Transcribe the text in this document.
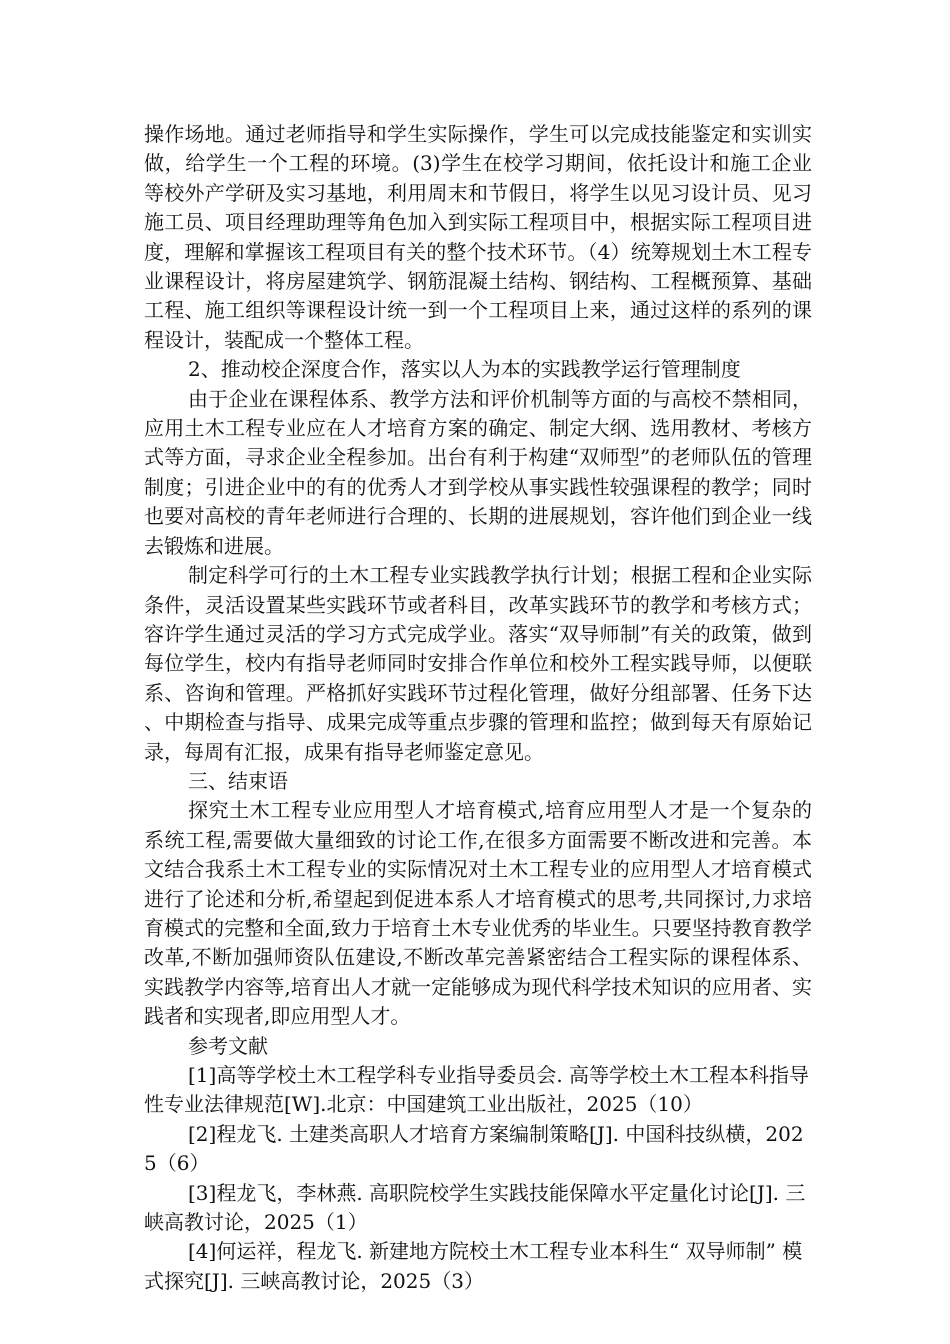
操作场地。通过老师指导和学生实际操作，学生可以完成技能鉴定和实训实做，给学生一个工程的环境。(3)学生在校学习期间，依托设计和施工企业等校外产学研及实习基地，利用周末和节假日，将学生以见习设计员、见习施工员、项目经理助理等角色加入到实际工程项目中，根据实际工程项目进度，理解和掌握该工程项目有关的整个技术环节。（4）统筹规划土木工程专业课程设计，将房屋建筑学、钢筋混凝土结构、钢结构、工程概预算、基础工程、施工组织等课程设计统一到一个工程项目上来，通过这样的系列的课程设计，装配成一个整体工程。

2、推动校企深度合作，落实以人为本的实践教学运行管理制度

由于企业在课程体系、教学方法和评价机制等方面的与高校不禁相同，应用土木工程专业应在人才培育方案的确定、制定大纲、选用教材、考核方式等方面，寻求企业全程参加。出台有利于构建“双师型”的老师队伍的管理制度；引进企业中的有的优秀人才到学校从事实践性较强课程的教学；同时也要对高校的青年老师进行合理的、长期的进展规划，容许他们到企业一线去锻炼和进展。

制定科学可行的土木工程专业实践教学执行计划；根据工程和企业实际条件，灵活设置某些实践环节或者科目，改革实践环节的教学和考核方式；容许学生通过灵活的学习方式完成学业。落实“双导师制”有关的政策，做到每位学生，校内有指导老师同时安排合作单位和校外工程实践导师，以便联系、咨询和管理。严格抓好实践环节过程化管理，做好分组部署、任务下达、中期检查与指导、成果完成等重点步骤的管理和监控；做到每天有原始记录，每周有汇报，成果有指导老师鉴定意见。

三、结束语

探究土木工程专业应用型人才培育模式,培育应用型人才是一个复杂的系统工程,需要做大量细致的讨论工作,在很多方面需要不断改进和完善。本文结合我系土木工程专业的实际情况对土木工程专业的应用型人才培育模式进行了论述和分析,希望起到促进本系人才培育模式的思考,共同探讨,力求培育模式的完整和全面,致力于培育土木专业优秀的毕业生。只要坚持教育教学改革,不断加强师资队伍建设,不断改革完善紧密结合工程实际的课程体系、实践教学内容等,培育出人才就一定能够成为现代科学技术知识的应用者、实践者和实现者,即应用型人才。

参考文献

[1]高等学校土木工程学科专业指导委员会. 高等学校土木工程本科指导性专业法律规范[W].北京：中国建筑工业出版社，2025（10）

[2]程龙飞. 土建类高职人才培育方案编制策略[J]. 中国科技纵横，2025（6）

[3]程龙飞，李林燕. 高职院校学生实践技能保障水平定量化讨论[J]. 三峡高教讨论，2025（1）

[4]何运祥，程龙飞. 新建地方院校土木工程专业本科生“ 双导师制” 模式探究[J]. 三峡高教讨论，2025（3）
